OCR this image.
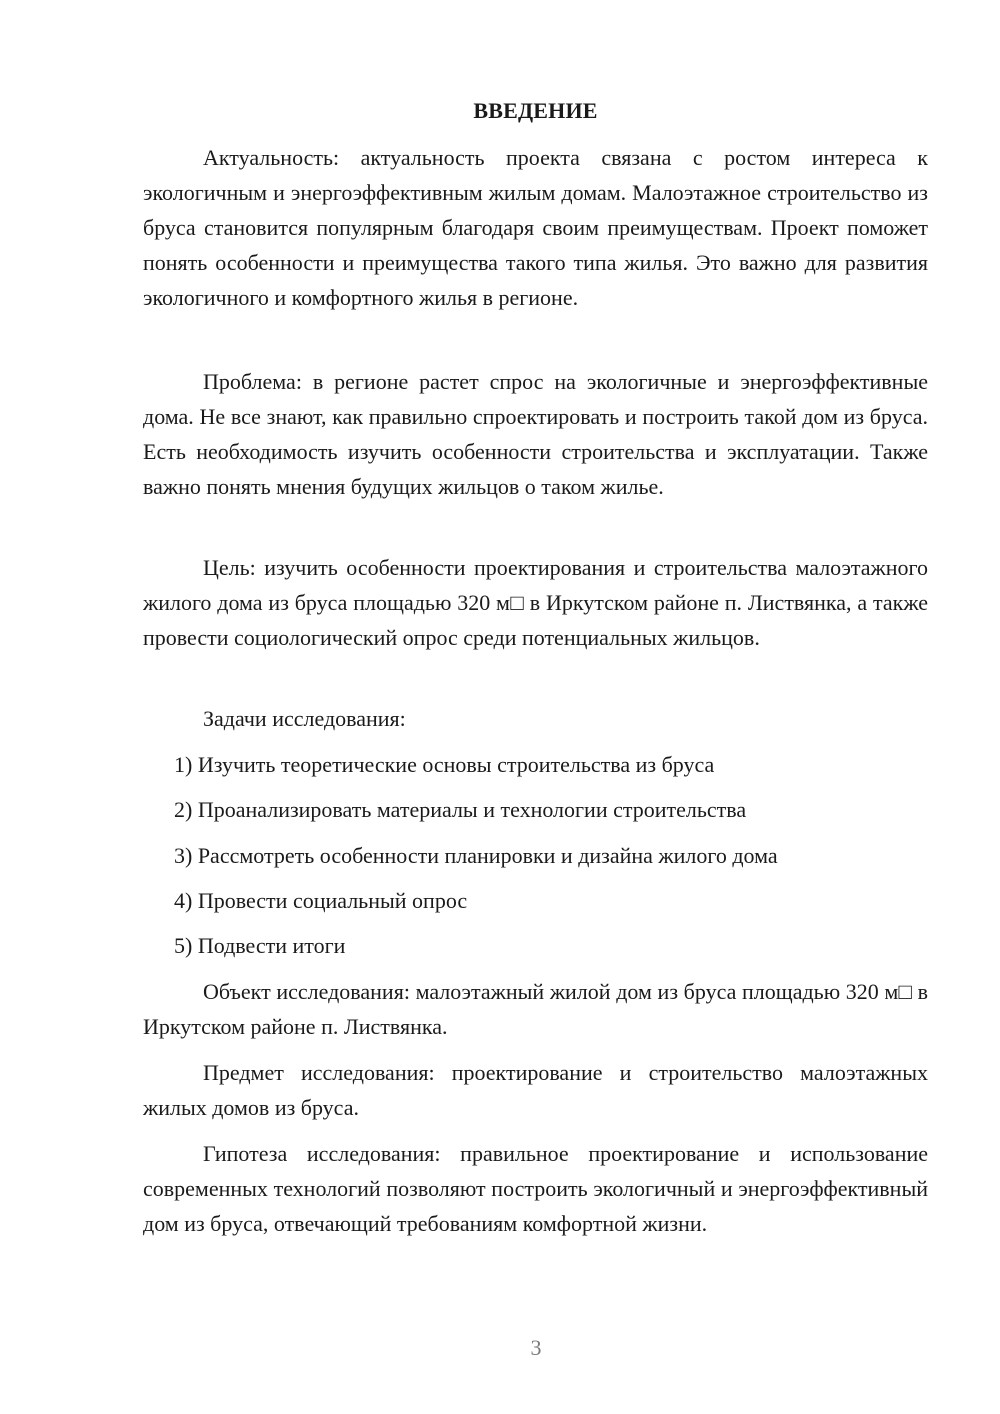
ВВЕДЕНИЕ

Актуальность: актуальность проекта связана с ростом интереса к экологичным и энергоэффективным жилым домам. Малоэтажное строительство из бруса становится популярным благодаря своим преимуществам. Проект поможет понять особенности и преимущества такого типа жилья. Это важно для развития экологичного и комфортного жилья в регионе.

Проблема: в регионе растет спрос на экологичные и энергоэффективные дома. Не все знают, как правильно спроектировать и построить такой дом из бруса. Есть необходимость изучить особенности строительства и эксплуатации. Также важно понять мнения будущих жильцов о таком жилье.

Цель: изучить особенности проектирования и строительства малоэтажного жилого дома из бруса площадью 320 м□ в Иркутском районе п. Листвянка, а также провести социологический опрос среди потенциальных жильцов.

Задачи исследования:

1) Изучить теоретические основы строительства из бруса

2) Проанализировать материалы и технологии строительства

3) Рассмотреть особенности планировки и дизайна жилого дома

4) Провести социальный опрос

5) Подвести итоги

Объект исследования: малоэтажный жилой дом из бруса площадью 320 м□ в Иркутском районе п. Листвянка.

Предмет исследования: проектирование и строительство малоэтажных жилых домов из бруса.

Гипотеза исследования: правильное проектирование и использование современных технологий позволяют построить экологичный и энергоэффективный дом из бруса, отвечающий требованиям комфортной жизни.

3
